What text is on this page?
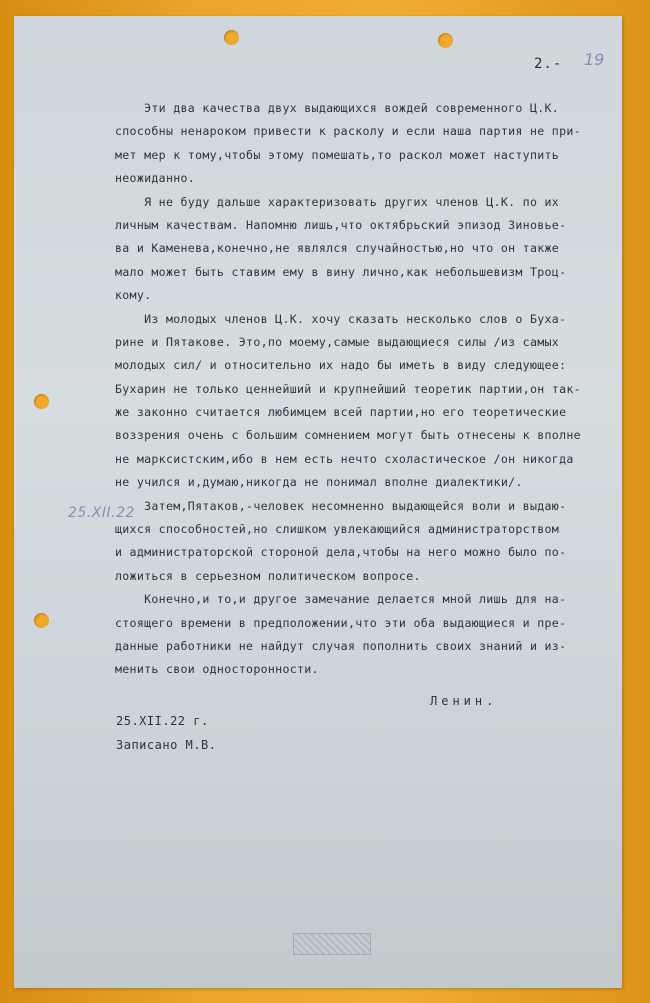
2.- 19
25.XII.22
Эти два качества двух выдающихся вождей современного Ц.К.
способны ненароком привести к расколу и если наша партия не при-
мет мер к тому,чтобы этому помешать,то раскол может наступить
неожиданно.
Я не буду дальше характеризовать других членов Ц.К. по их
личным качествам. Напомню лишь,что октябрьский эпизод Зиновье-
ва и Каменева,конечно,не являлся случайностью,но что он также
мало может быть ставим ему в вину лично,как небольшевизм Троц-
кому.
Из молодых членов Ц.К. хочу сказать несколько слов о Буха-
рине и Пятакове. Это,по моему,самые выдающиеся силы /из самых
молодых сил/ и относительно их надо бы иметь в виду следующее:
Бухарин не только ценнейший и крупнейший теоретик партии,он так-
же законно считается любимцем всей партии,но его теоретические
воззрения очень с большим сомнением могут быть отнесены к вполне
не марксистским,ибо в нем есть нечто схоластическое /он никогда
не учился и,думаю,никогда не понимал вполне диалектики/.
Затем,Пятаков,-человек несомненно выдающейся воли и выдаю-
щихся способностей,но слишком увлекающийся администраторством
и администраторской стороной дела,чтобы на него можно было по-
ложиться в серьезном политическом вопросе.
Конечно,и то,и другое замечание делается мной лишь для на-
стоящего времени в предположении,что эти оба выдающиеся и пре-
данные работники не найдут случая пополнить своих знаний и из-
менить свои односторонности.
Ленин.
25.XII.22 г.
Записано М.В.
